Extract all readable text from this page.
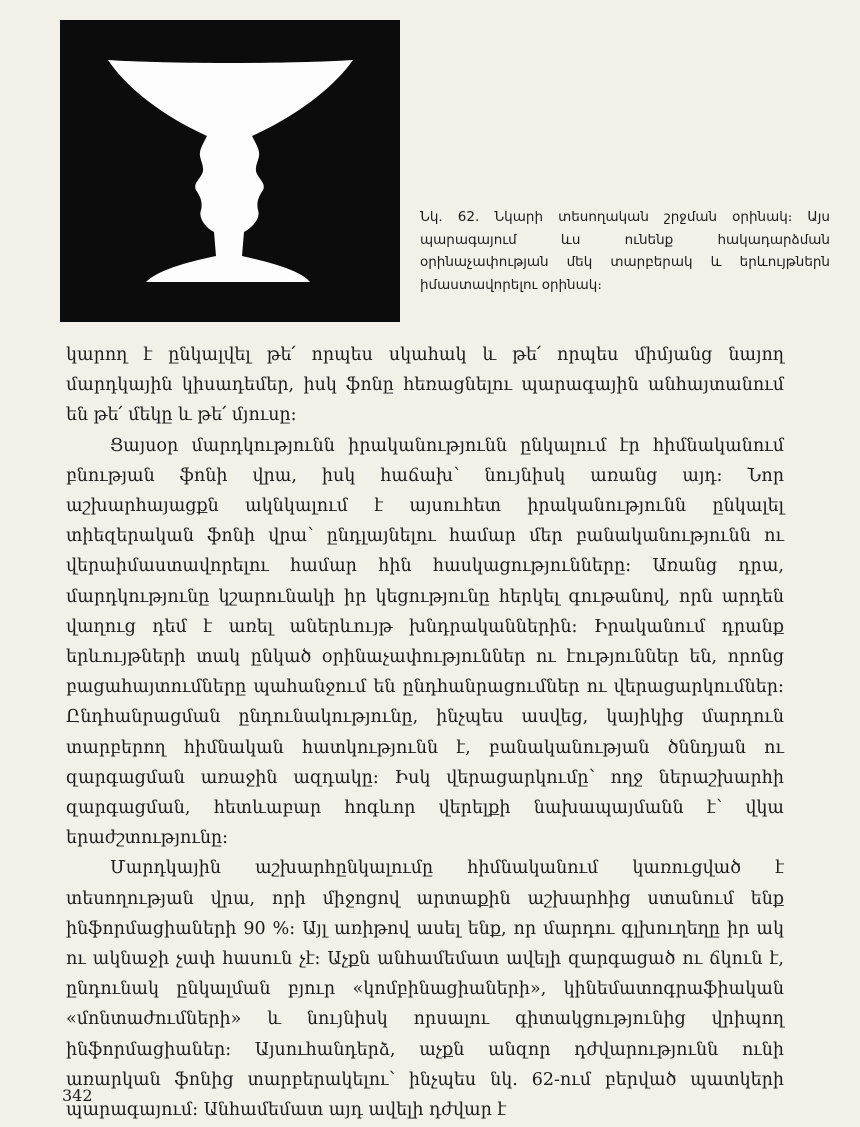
Նկ. 62. Նկարի տեսողական շրջման օրինակ։ Այս պարագայում ևս ունենք հակադարձման օրինաչափության մեկ տարբերակ և երևույթներն իմաստավորելու օրինակ։

կարող է ընկալվել թե՛ որպես սկահակ և թե՛ որպես միմյանց նայող մարդկային կիսադեմեր, իսկ ֆոնը հեռացնելու պարագային անհայտանում են թե՛ մեկը և թե՛ մյուսը։

Ցայսօր մարդկությունն իրականությունն ընկալում էր հիմնականում բնության ֆոնի վրա, իսկ հաճախ՝ նույնիսկ առանց այդ։ Նոր աշխարհայացքն ակնկալում է այսուհետ իրականությունն ընկալել տիեզերական ֆոնի վրա՝ ընդլայնելու համար մեր բանականությունն ու վերաիմաստավորելու համար հին հասկացությունները։ Առանց դրա, մարդկությունը կշարունակի իր կեցությունը հերկել գութանով, որն արդեն վաղուց դեմ է առել աներևույթ խնդրականներին։ Իրականում դրանք երևույթների տակ ընկած օրինաչափություններ ու էություններ են, որոնց բացահայտումները պահանջում են ընդհանրացումներ ու վերացարկումներ։ Ընդհանրացման ընդունակությունը, ինչպես ասվեց, կայիկից մարդուն տարբերող հիմնական հատկությունն է, բանականության ծննդյան ու զարգացման առաջին ազդակը։ Իսկ վերացարկումը՝ ողջ ներաշխարհի զարգացման, հետևաբար հոգևոր վերելքի նախապայմանն է՝ վկա երաժշտությունը։

Մարդկային աշխարհընկալումը հիմնականում կառուցված է տեսողության վրա, որի միջոցով արտաքին աշխարհից ստանում ենք ինֆորմացիաների 90 %։ Այլ առիթով ասել ենք, որ մարդու գլխուղեղը իր ակ ու ակնաջի չափ հասուն չէ։ Աչքն անհամեմատ ավելի զարգացած ու ճկուն է, ընդունակ ընկալման բյուր «կոմբինացիաների», կինեմատոգրաֆիական «մոնտաժումների» և նույնիսկ որսալու գիտակցությունից վրիպող ինֆորմացիաներ։ Այսուհանդերձ, աչքն անզոր դժվարությունն ունի առարկան ֆոնից տարբերակելու՝ ինչպես նկ. 62-ում բերված պատկերի պարագայում։ Անհամեմատ այդ ավելի դժվար է

342
